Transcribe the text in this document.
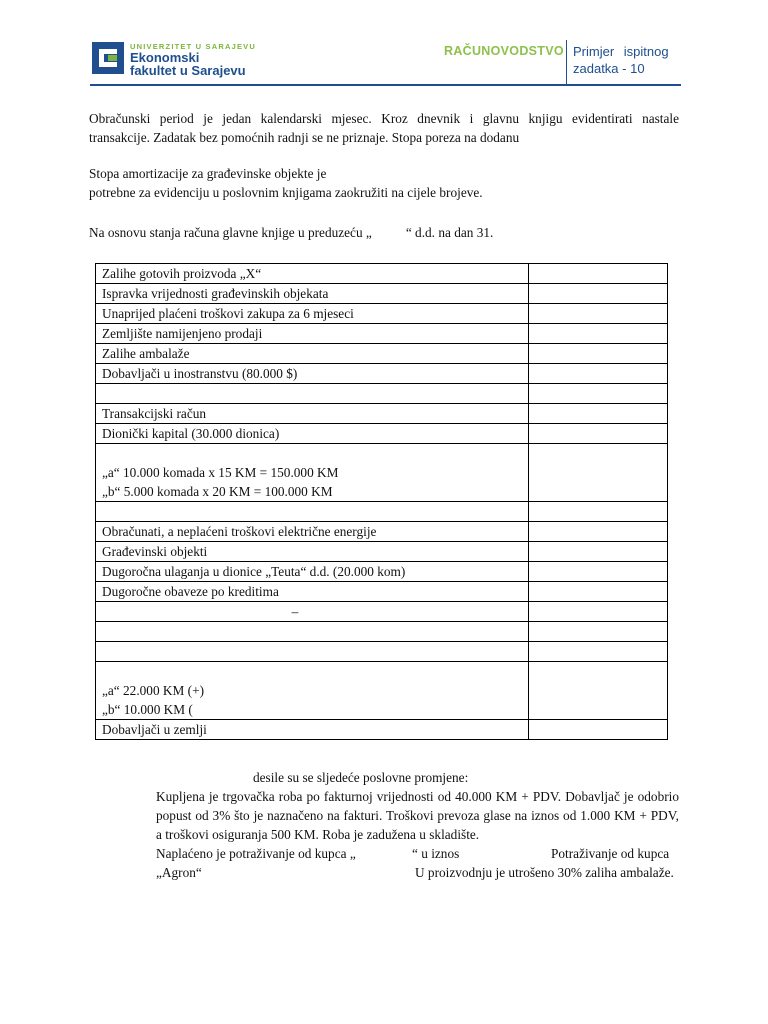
UNIVERZITET U SARAJEVU
Ekonomski
fakultet u Sarajevu
RAČUNOVODSTVO Primjer ispitnog
zadatka - 10
Obračunski period je jedan kalendarski mjesec. Kroz dnevnik i glavnu knjigu evidentirati nastale
transakcije. Zadatak bez pomoćnih radnji se ne priznaje. Stopa poreza na dodanu
Stopa amortizacije za građevinske objekte je
potrebne za evidenciju u poslovnim knjigama zaokružiti na cijele brojeve.
Na osnovu stanja računa glavne knjige u preduzeću „	“ d.d. na dan 31.
Zalihe gotovih proizvoda „X“	
Ispravka vrijednosti građevinskih objekata	
Unaprijed plaćeni troškovi zakupa za 6 mjeseci	
Zemljište namijenjeno prodaji	
Zalihe ambalaže	
Dobavljači u inostranstvu (80.000 $)	

Transakcijski račun	
Dionički kapital (30.000 dionica)	

„a“ 10.000 komada x 15 KM = 150.000 KM
„b“ 5.000 komada x 20 KM = 100.000 KM	

Obračunati, a neplaćeni troškovi električne energije	
Građevinski objekti	
Dugoročna ulaganja u dionice „Teuta“ d.d. (20.000 kom)	
Dugoročne obaveze po kreditima	

–	

„a“ 22.000 KM (+)
„b“ 10.000 KM (	

Dobavljači u zemlji	
desile su se sljedeće poslovne promjene:
Kupljena je trgovačka roba po fakturnoj vrijednosti od 40.000 KM + PDV. Dobavljač je odobrio
popust od 3% što je naznačeno na fakturi. Troškovi prevoza glase na iznos od 1.000 KM + PDV,
a troškovi osiguranja 500 KM. Roba je zadužena u skladište.
Naplaćeno je potraživanje od kupca „	“ u iznos	Potraživanje od kupca
„Agron“	U proizvodnju je utrošeno 30% zaliha ambalaže.
